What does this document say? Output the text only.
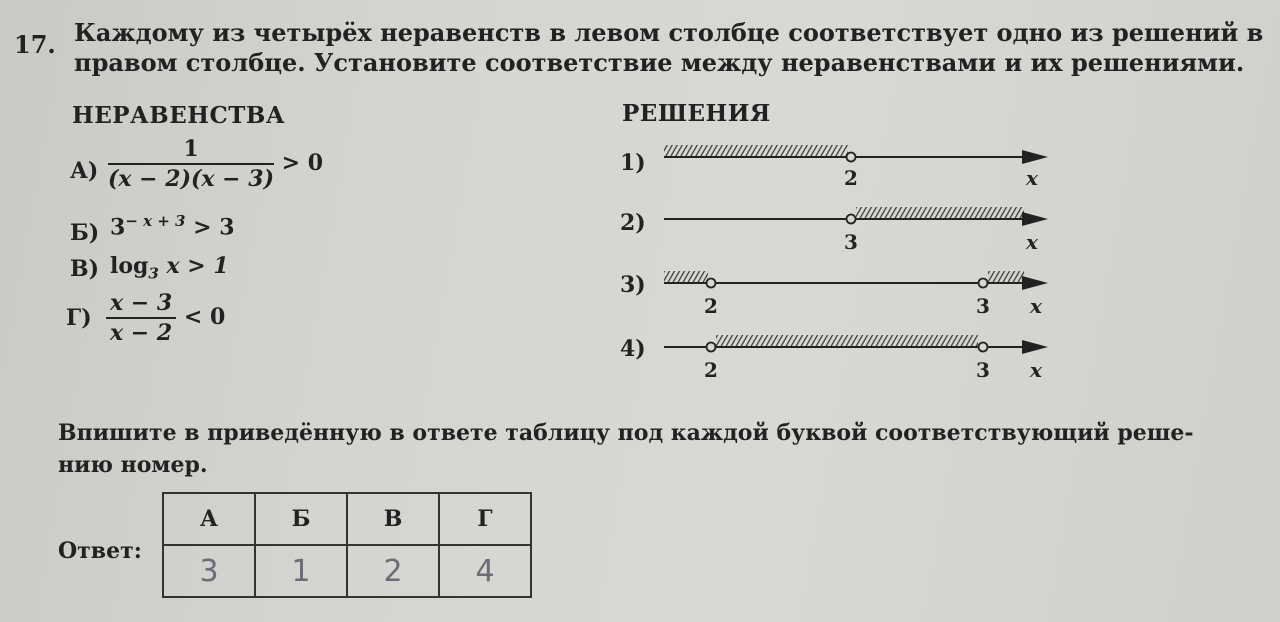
17. Каждому из четырёх неравенств в левом столбце соответствует одно из решений в
правом столбце. Установите соответствие между неравенствами и их решениями.
НЕРАВЕНСТВА	РЕШЕНИЯ
$А) \frac{1}{(x - 2)(x - 3)} > 0$
Б) $3^{- x + 3} > 3$
В) $\log_3 x > 1$
$Г) \frac{x - 3}{x - 2} < 0$
1)
2)
3)
4)
2	x
3	x
2	3 x
2	3 x
Впишите в приведённую в ответе таблицу под каждой буквой соответствующий реше-
нию номер.
Ответ:
А	Б	В	Г
3	1	2	4
